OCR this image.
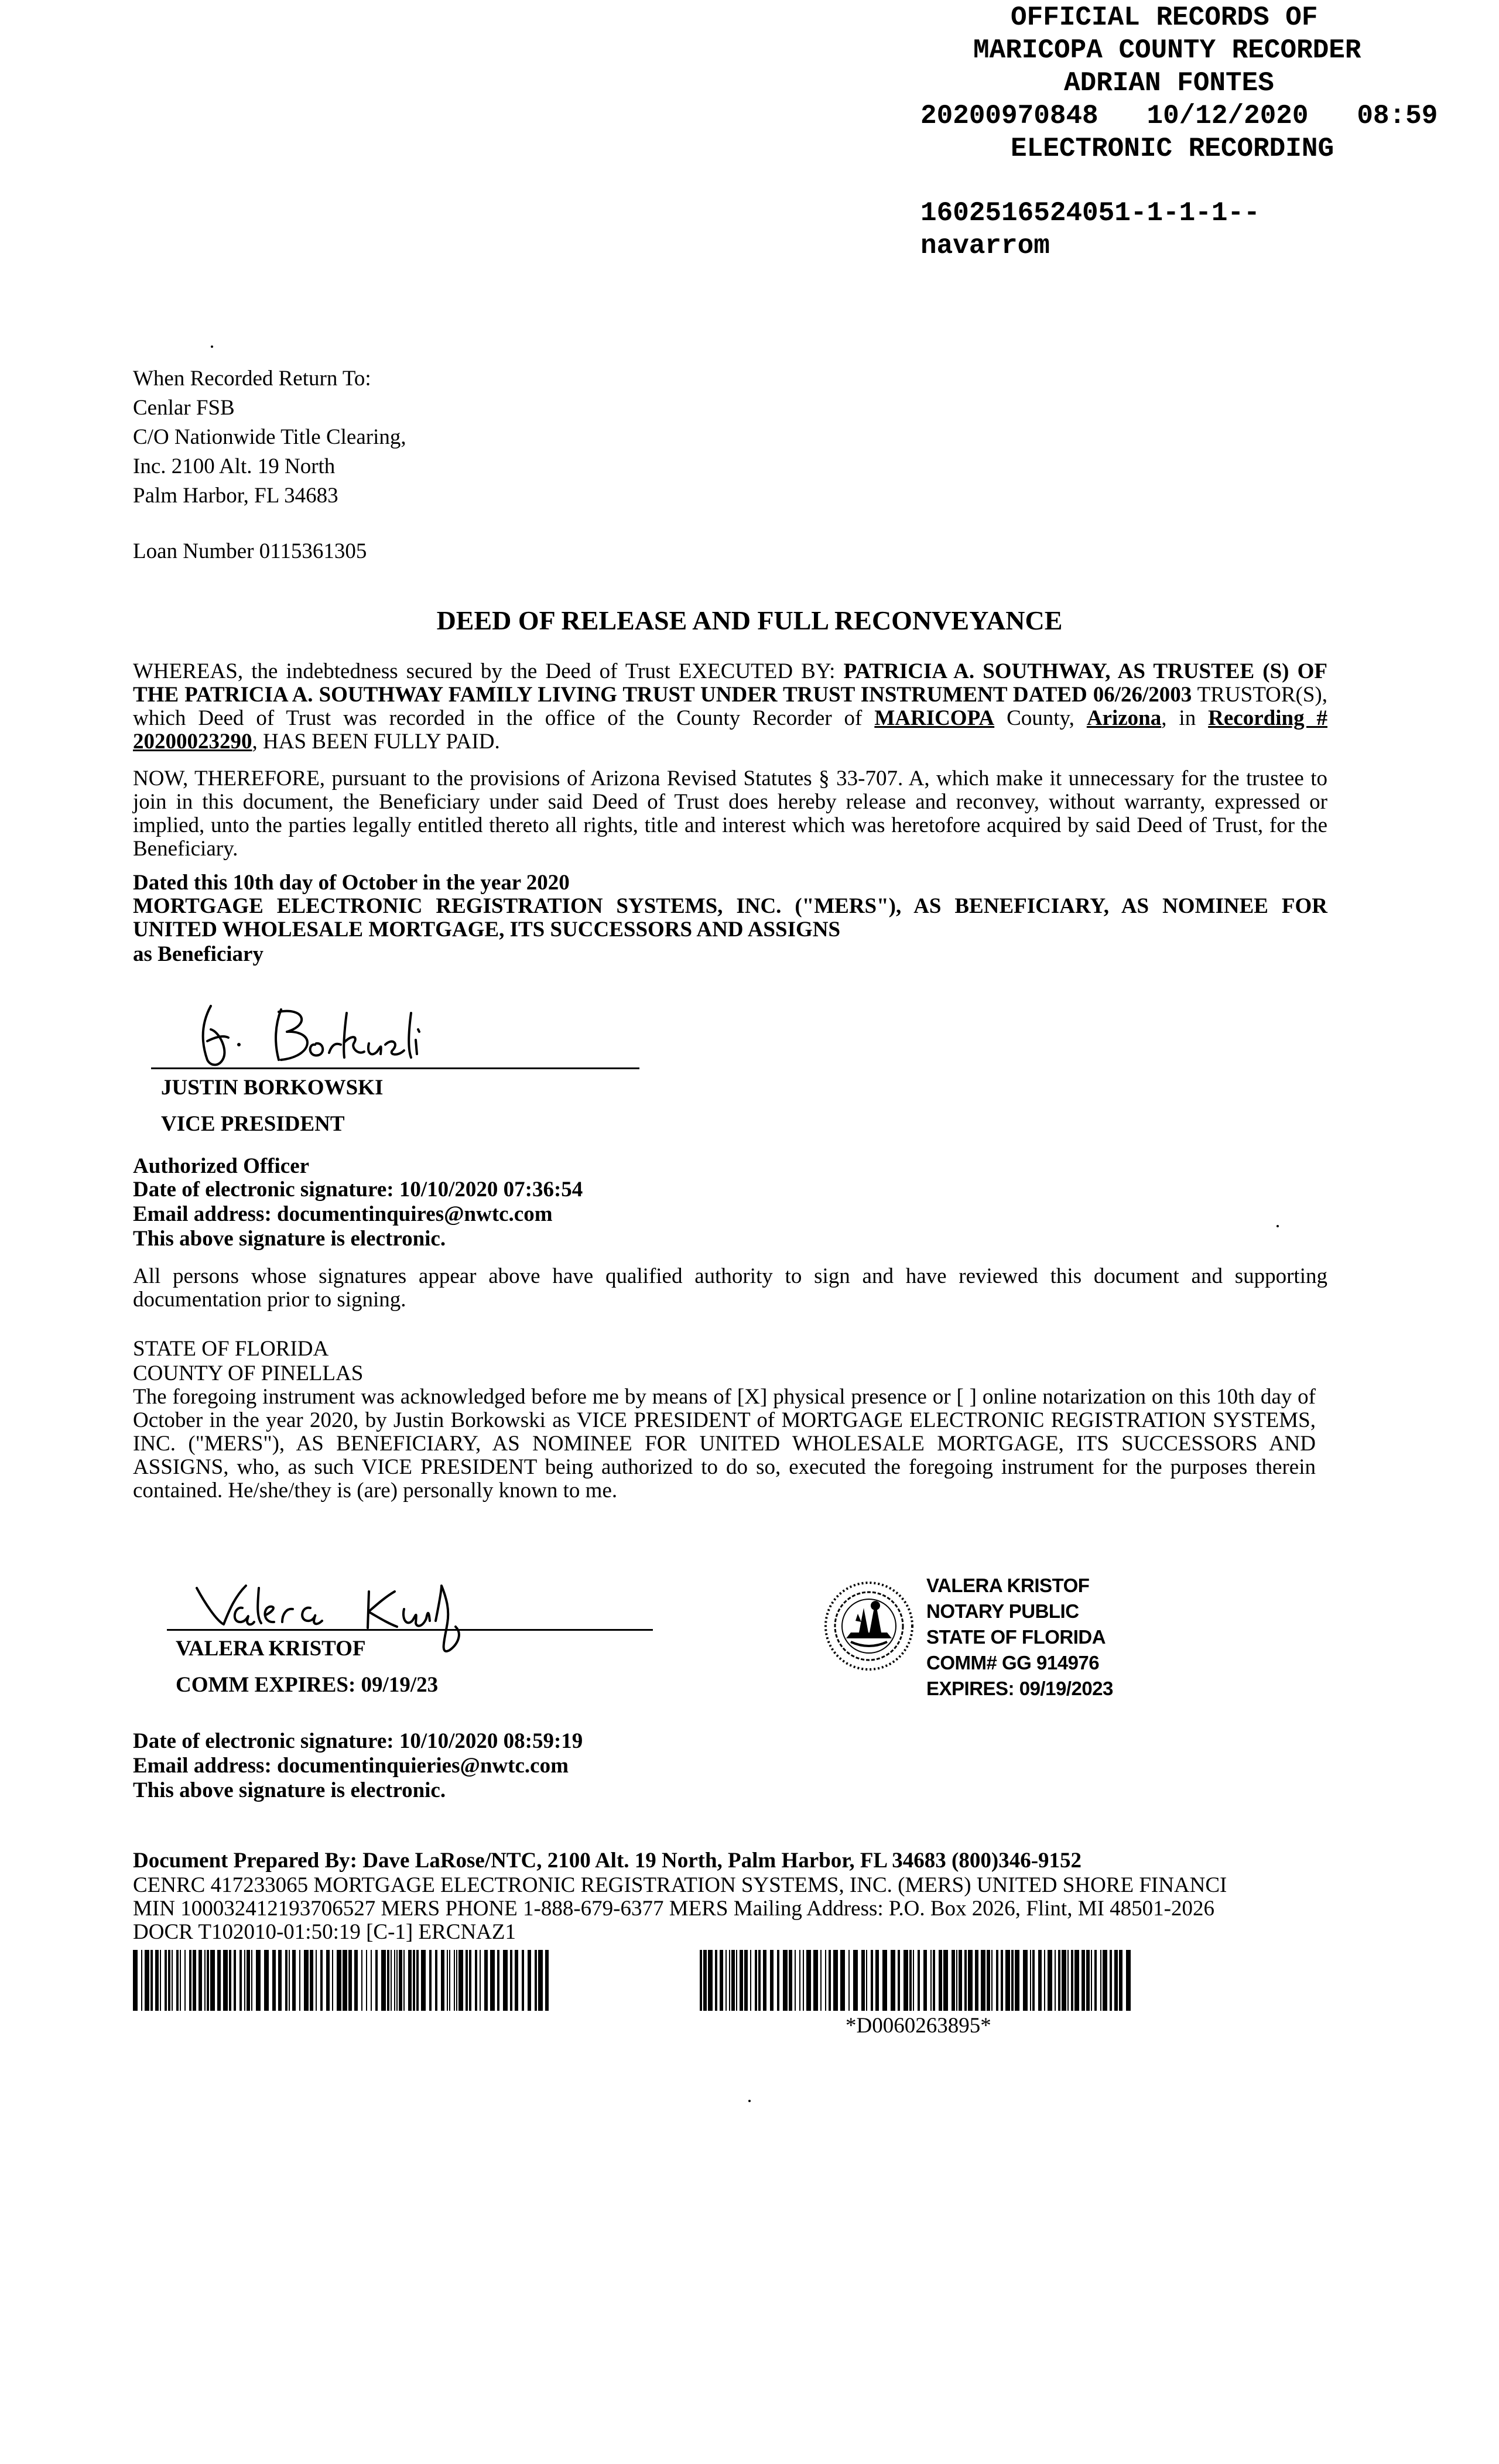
OFFICIAL RECORDS OF
MARICOPA COUNTY RECORDER
ADRIAN FONTES
20200970848   10/12/2020   08:59
ELECTRONIC RECORDING
1602516524051-1-1-1--
navarrom
When Recorded Return To:
Cenlar FSB
C/O Nationwide Title Clearing,
Inc. 2100 Alt. 19 North
Palm Harbor, FL 34683
Loan Number 0115361305
DEED OF RELEASE AND FULL RECONVEYANCE
WHEREAS, the indebtedness secured by the Deed of Trust EXECUTED BY: PATRICIA A. SOUTHWAY, AS TRUSTEE (S) OF THE PATRICIA A. SOUTHWAY FAMILY LIVING TRUST UNDER TRUST INSTRUMENT DATED 06/26/2003 TRUSTOR(S), which Deed of Trust was recorded in the office of the County Recorder of MARICOPA County, Arizona, in Recording # 20200023290, HAS BEEN FULLY PAID.
NOW, THEREFORE, pursuant to the provisions of Arizona Revised Statutes § 33-707. A, which make it unnecessary for the trustee to join in this document, the Beneficiary under said Deed of Trust does hereby release and reconvey, without warranty, expressed or implied, unto the parties legally entitled thereto all rights, title and interest which was heretofore acquired by said Deed of Trust, for the Beneficiary.
Dated this 10th day of October in the year 2020
MORTGAGE ELECTRONIC REGISTRATION SYSTEMS, INC. ("MERS"), AS BENEFICIARY, AS NOMINEE FOR UNITED WHOLESALE MORTGAGE, ITS SUCCESSORS AND ASSIGNS
as Beneficiary
JUSTIN BORKOWSKI
VICE PRESIDENT
Authorized Officer
Date of electronic signature: 10/10/2020 07:36:54
Email address: documentinquires@nwtc.com
This above signature is electronic.
All persons whose signatures appear above have qualified authority to sign and have reviewed this document and supporting documentation prior to signing.
STATE OF FLORIDA
COUNTY OF PINELLAS
The foregoing instrument was acknowledged before me by means of [X] physical presence or [ ] online notarization on this 10th day of October in the year 2020, by Justin Borkowski as VICE PRESIDENT of MORTGAGE ELECTRONIC REGISTRATION SYSTEMS, INC. ("MERS"), AS BENEFICIARY, AS NOMINEE FOR UNITED WHOLESALE MORTGAGE, ITS SUCCESSORS AND ASSIGNS, who, as such VICE PRESIDENT being authorized to do so, executed the foregoing instrument for the purposes therein contained. He/she/they is (are) personally known to me.
VALERA KRISTOF
COMM EXPIRES: 09/19/23
VALERA KRISTOF
NOTARY PUBLIC
STATE OF FLORIDA
COMM# GG 914976
EXPIRES: 09/19/2023
Date of electronic signature: 10/10/2020 08:59:19
Email address: documentinquieries@nwtc.com
This above signature is electronic.
Document Prepared By: Dave LaRose/NTC, 2100 Alt. 19 North, Palm Harbor, FL 34683 (800)346-9152
CENRC 417233065 MORTGAGE ELECTRONIC REGISTRATION SYSTEMS, INC. (MERS) UNITED SHORE FINANCI
MIN 100032412193706527 MERS PHONE 1-888-679-6377 MERS Mailing Address: P.O. Box 2026, Flint, MI 48501-2026
DOCR T102010-01:50:19 [C-1] ERCNAZ1
*D0060263895*
